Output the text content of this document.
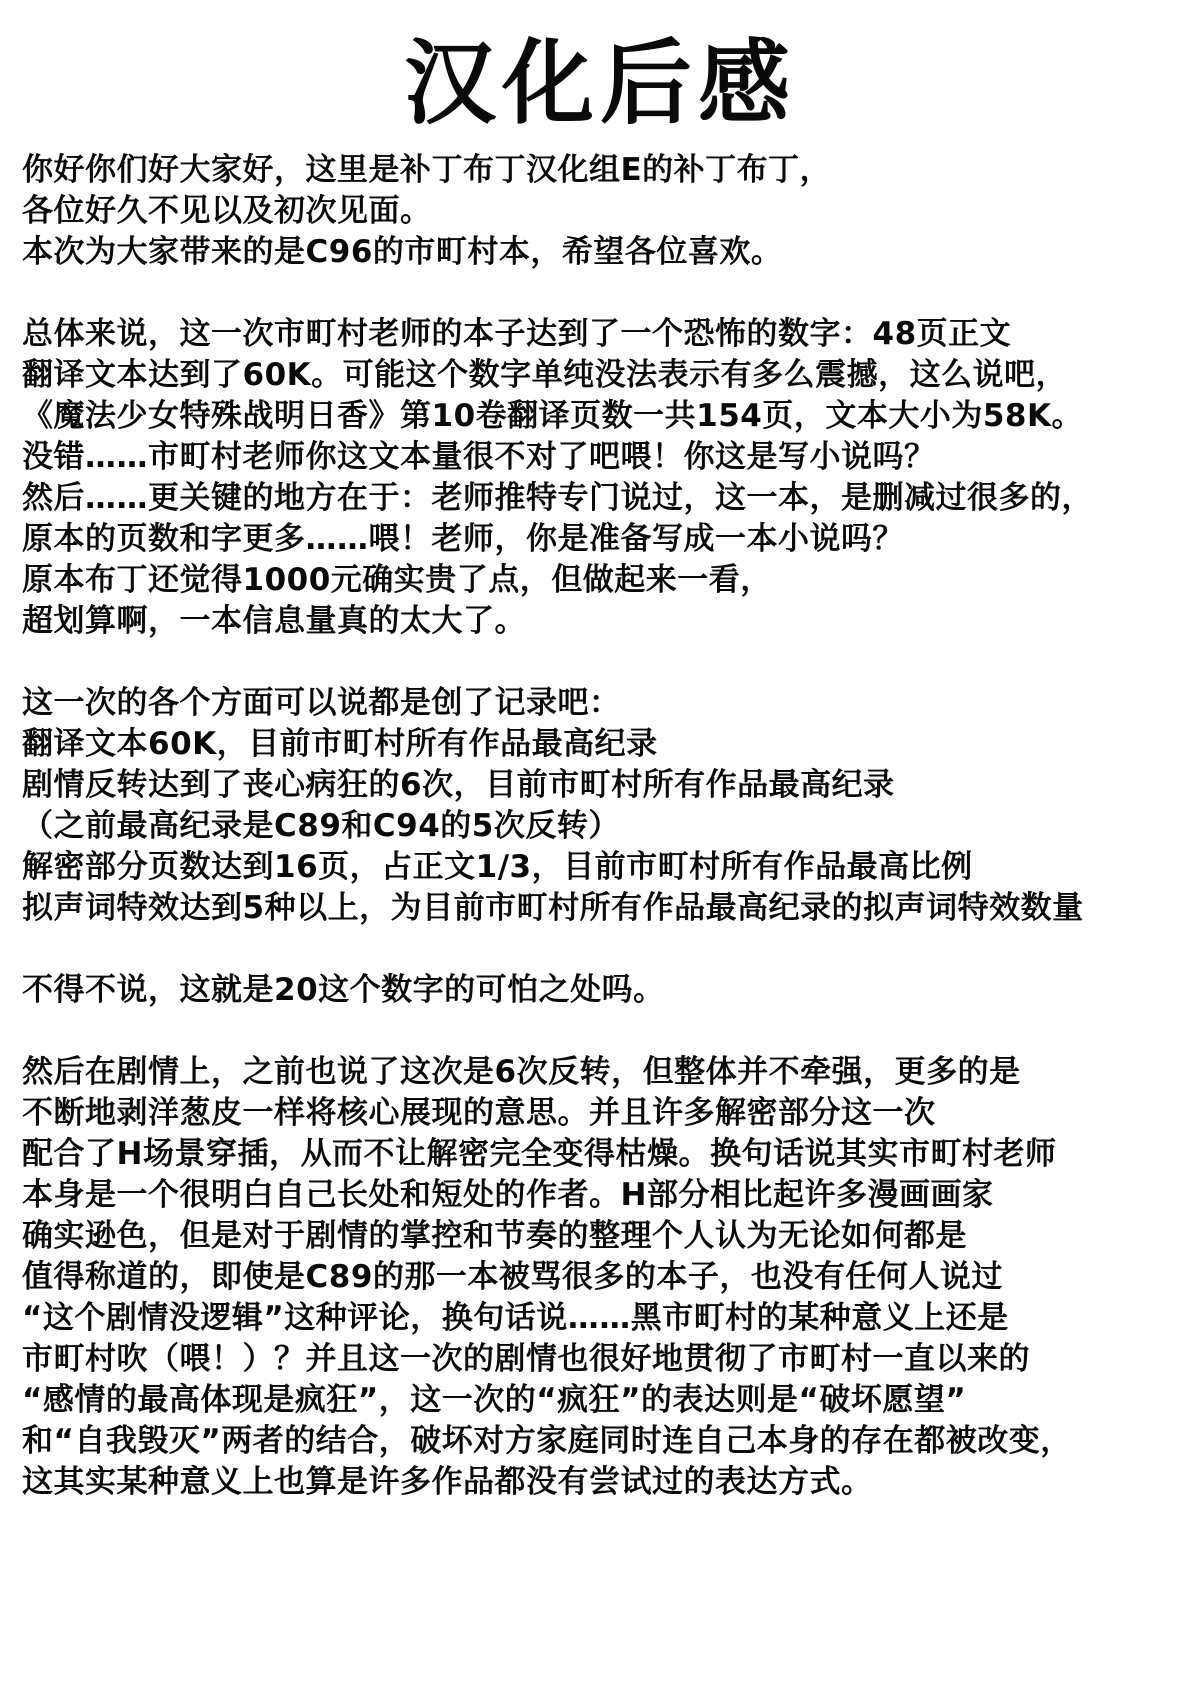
汉化后感
你好你们好大家好，这里是补丁布丁汉化组E的补丁布丁，
各位好久不见以及初次见面。
本次为大家带来的是C96的市町村本，希望各位喜欢。
总体来说，这一次市町村老师的本子达到了一个恐怖的数字：48页正文
翻译文本达到了60K。可能这个数字单纯没法表示有多么震撼，这么说吧，
《魔法少女特殊战明日香》第10卷翻译页数一共154页，文本大小为58K。
没错……市町村老师你这文本量很不对了吧喂！你这是写小说吗？
然后……更关键的地方在于：老师推特专门说过，这一本，是删减过很多的，
原本的页数和字更多……喂！老师，你是准备写成一本小说吗？
原本布丁还觉得1000元确实贵了点，但做起来一看，
超划算啊，一本信息量真的太大了。
这一次的各个方面可以说都是创了记录吧：
翻译文本60K，目前市町村所有作品最高纪录
剧情反转达到了丧心病狂的6次，目前市町村所有作品最高纪录
（之前最高纪录是C89和C94的5次反转）
解密部分页数达到16页，占正文1/3，目前市町村所有作品最高比例
拟声词特效达到5种以上，为目前市町村所有作品最高纪录的拟声词特效数量
不得不说，这就是20这个数字的可怕之处吗。
然后在剧情上，之前也说了这次是6次反转，但整体并不牵强，更多的是
不断地剥洋葱皮一样将核心展现的意思。并且许多解密部分这一次
配合了H场景穿插，从而不让解密完全变得枯燥。换句话说其实市町村老师
本身是一个很明白自己长处和短处的作者。H部分相比起许多漫画画家
确实逊色，但是对于剧情的掌控和节奏的整理个人认为无论如何都是
值得称道的，即使是C89的那一本被骂很多的本子，也没有任何人说过
“这个剧情没逻辑”这种评论，换句话说……黑市町村的某种意义上还是
市町村吹（喂！）？并且这一次的剧情也很好地贯彻了市町村一直以来的
“感情的最高体现是疯狂”，这一次的“疯狂”的表达则是“破坏愿望”
和“自我毁灭”两者的结合，破坏对方家庭同时连自己本身的存在都被改变，
这其实某种意义上也算是许多作品都没有尝试过的表达方式。
